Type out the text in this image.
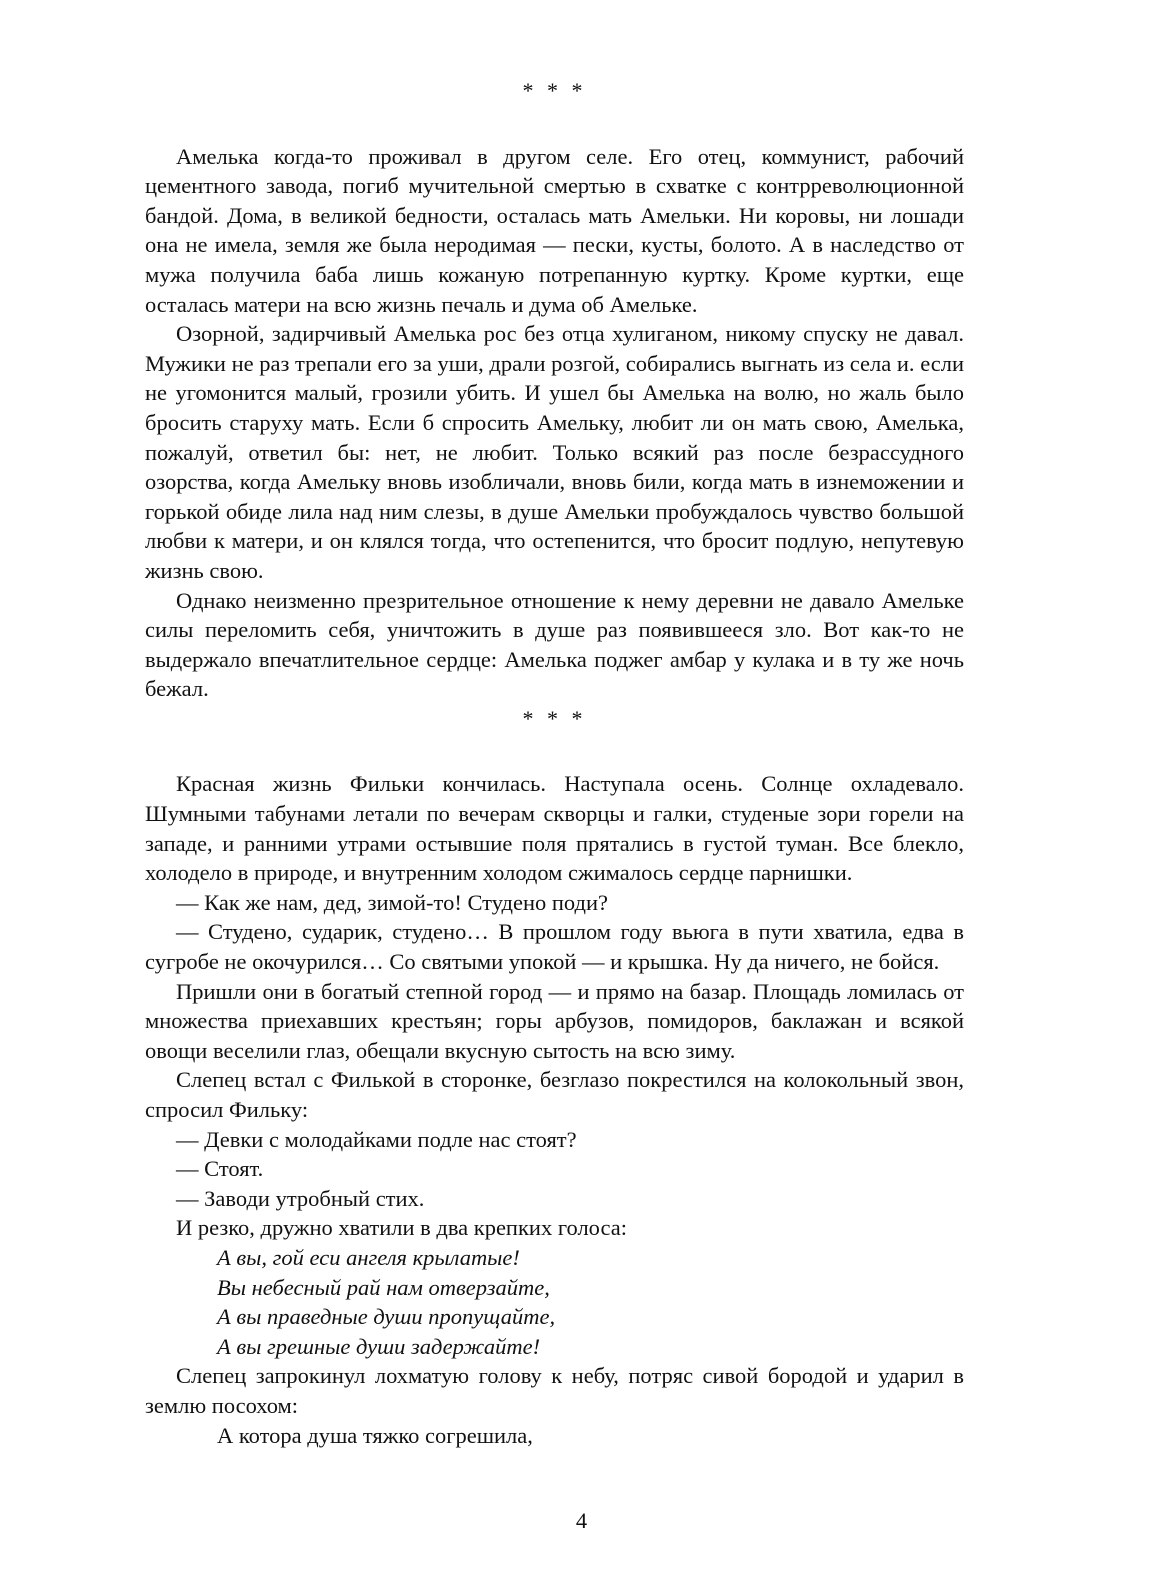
* * *

Амелька когда-то проживал в другом селе. Его отец, коммунист, рабочий цементного завода, погиб мучительной смертью в схватке с контрреволюционной бандой. Дома, в великой бедности, осталась мать Амельки. Ни коровы, ни лошади она не имела, земля же была неродимая — пески, кусты, болото. А в наследство от мужа получила баба лишь кожаную потрепанную куртку. Кроме куртки, еще осталась матери на всю жизнь печаль и дума об Амельке.

Озорной, задирчивый Амелька рос без отца хулиганом, никому спуску не давал. Мужики не раз трепали его за уши, драли розгой, собирались выгнать из села и. если не угомонится малый, грозили убить. И ушел бы Амелька на волю, но жаль было бросить старуху мать. Если б спросить Амельку, любит ли он мать свою, Амелька, пожалуй, ответил бы: нет, не любит. Только всякий раз после безрассудного озорства, когда Амельку вновь изобличали, вновь били, когда мать в изнеможении и горькой обиде лила над ним слезы, в душе Амельки пробуждалось чувство большой любви к матери, и он клялся тогда, что остепенится, что бросит подлую, непутевую жизнь свою.

Однако неизменно презрительное отношение к нему деревни не давало Амельке силы переломить себя, уничтожить в душе раз появившееся зло. Вот как-то не выдержало впечатлительное сердце: Амелька поджег амбар у кулака и в ту же ночь бежал.

* * *

Красная жизнь Фильки кончилась. Наступала осень. Солнце охладевало. Шумными табунами летали по вечерам скворцы и галки, студеные зори горели на западе, и ранними утрами остывшие поля прятались в густой туман. Все блекло, холодело в природе, и внутренним холодом сжималось сердце парнишки.

— Как же нам, дед, зимой-то! Студено поди?

— Студено, сударик, студено… В прошлом году вьюга в пути хватила, едва в сугробе не окочурился… Со святыми упокой — и крышка. Ну да ничего, не бойся.

Пришли они в богатый степной город — и прямо на базар. Площадь ломилась от множества приехавших крестьян; горы арбузов, помидоров, баклажан и всякой овощи веселили глаз, обещали вкусную сытость на всю зиму.

Слепец встал с Филькой в сторонке, безглазо покрестился на колокольный звон, спросил Фильку:

— Девки с молодайками подле нас стоят?

— Стоят.

— Заводи утробный стих.

И резко, дружно хватили в два крепких голоса:

А вы, гой еси ангеля крылатые!

Вы небесный рай нам отверзайте,

А вы праведные души пропущайте,

А вы грешные души задержайте!

Слепец запрокинул лохматую голову к небу, потряс сивой бородой и ударил в землю посохом:

А котора душа тяжко согрешила,

4
